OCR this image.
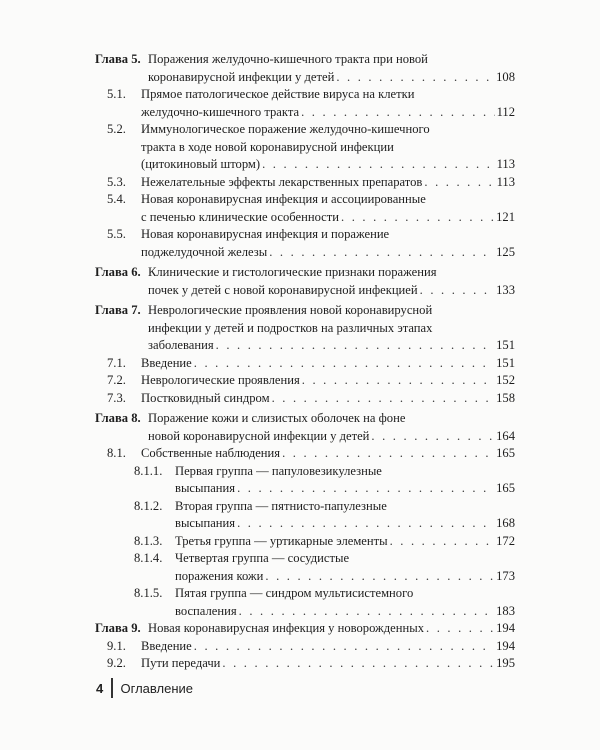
Глава 5. Поражения желудочно-кишечного тракта при новой
коронавирусной инфекции у детей . . .	108
5.1.	Прямое патологическое действие вируса на клетки
желудочно-кишечного тракта . . .	112
5.2.	Иммунологическое поражение желудочно-кишечного
тракта в ходе новой коронавирусной инфекции
(цитокиновый шторм) . . .	113
5.3.	Нежелательные эффекты лекарственных препаратов . . .	113
5.4.	Новая коронавирусная инфекция и ассоциированные
с печенью клинические особенности . . .	121
5.5.	Новая коронавирусная инфекция и поражение
поджелудочной железы . . .	125
Глава 6. Клинические и гистологические признаки поражения
почек у детей с новой коронавирусной инфекцией . . .	133
Глава 7. Неврологические проявления новой коронавирусной
инфекции у детей и подростков на различных этапах
заболевания . . .	151
7.1.	Введение . . .	151
7.2.	Неврологические проявления . . .	152
7.3.	Постковидный синдром . . .	158
Глава 8. Поражение кожи и слизистых оболочек на фоне
новой коронавирусной инфекции у детей . . .	164
8.1.	Собственные наблюдения . . .	165
8.1.1.	Первая группа — папуловезикулезные
высыпания . . .	165
8.1.2.	Вторая группа — пятнисто-папулезные
высыпания . . .	168
8.1.3.	Третья группа — уртикарные элементы . . .	172
8.1.4.	Четвертая группа — сосудистые
поражения кожи . . .	173
8.1.5.	Пятая группа — синдром мультисистемного
воспаления . . .	183
Глава 9. Новая коронавирусная инфекция у новорожденных . . .	194
9.1.	Введение . . .	194
9.2.	Пути передачи . . .	195
4 Оглавление
